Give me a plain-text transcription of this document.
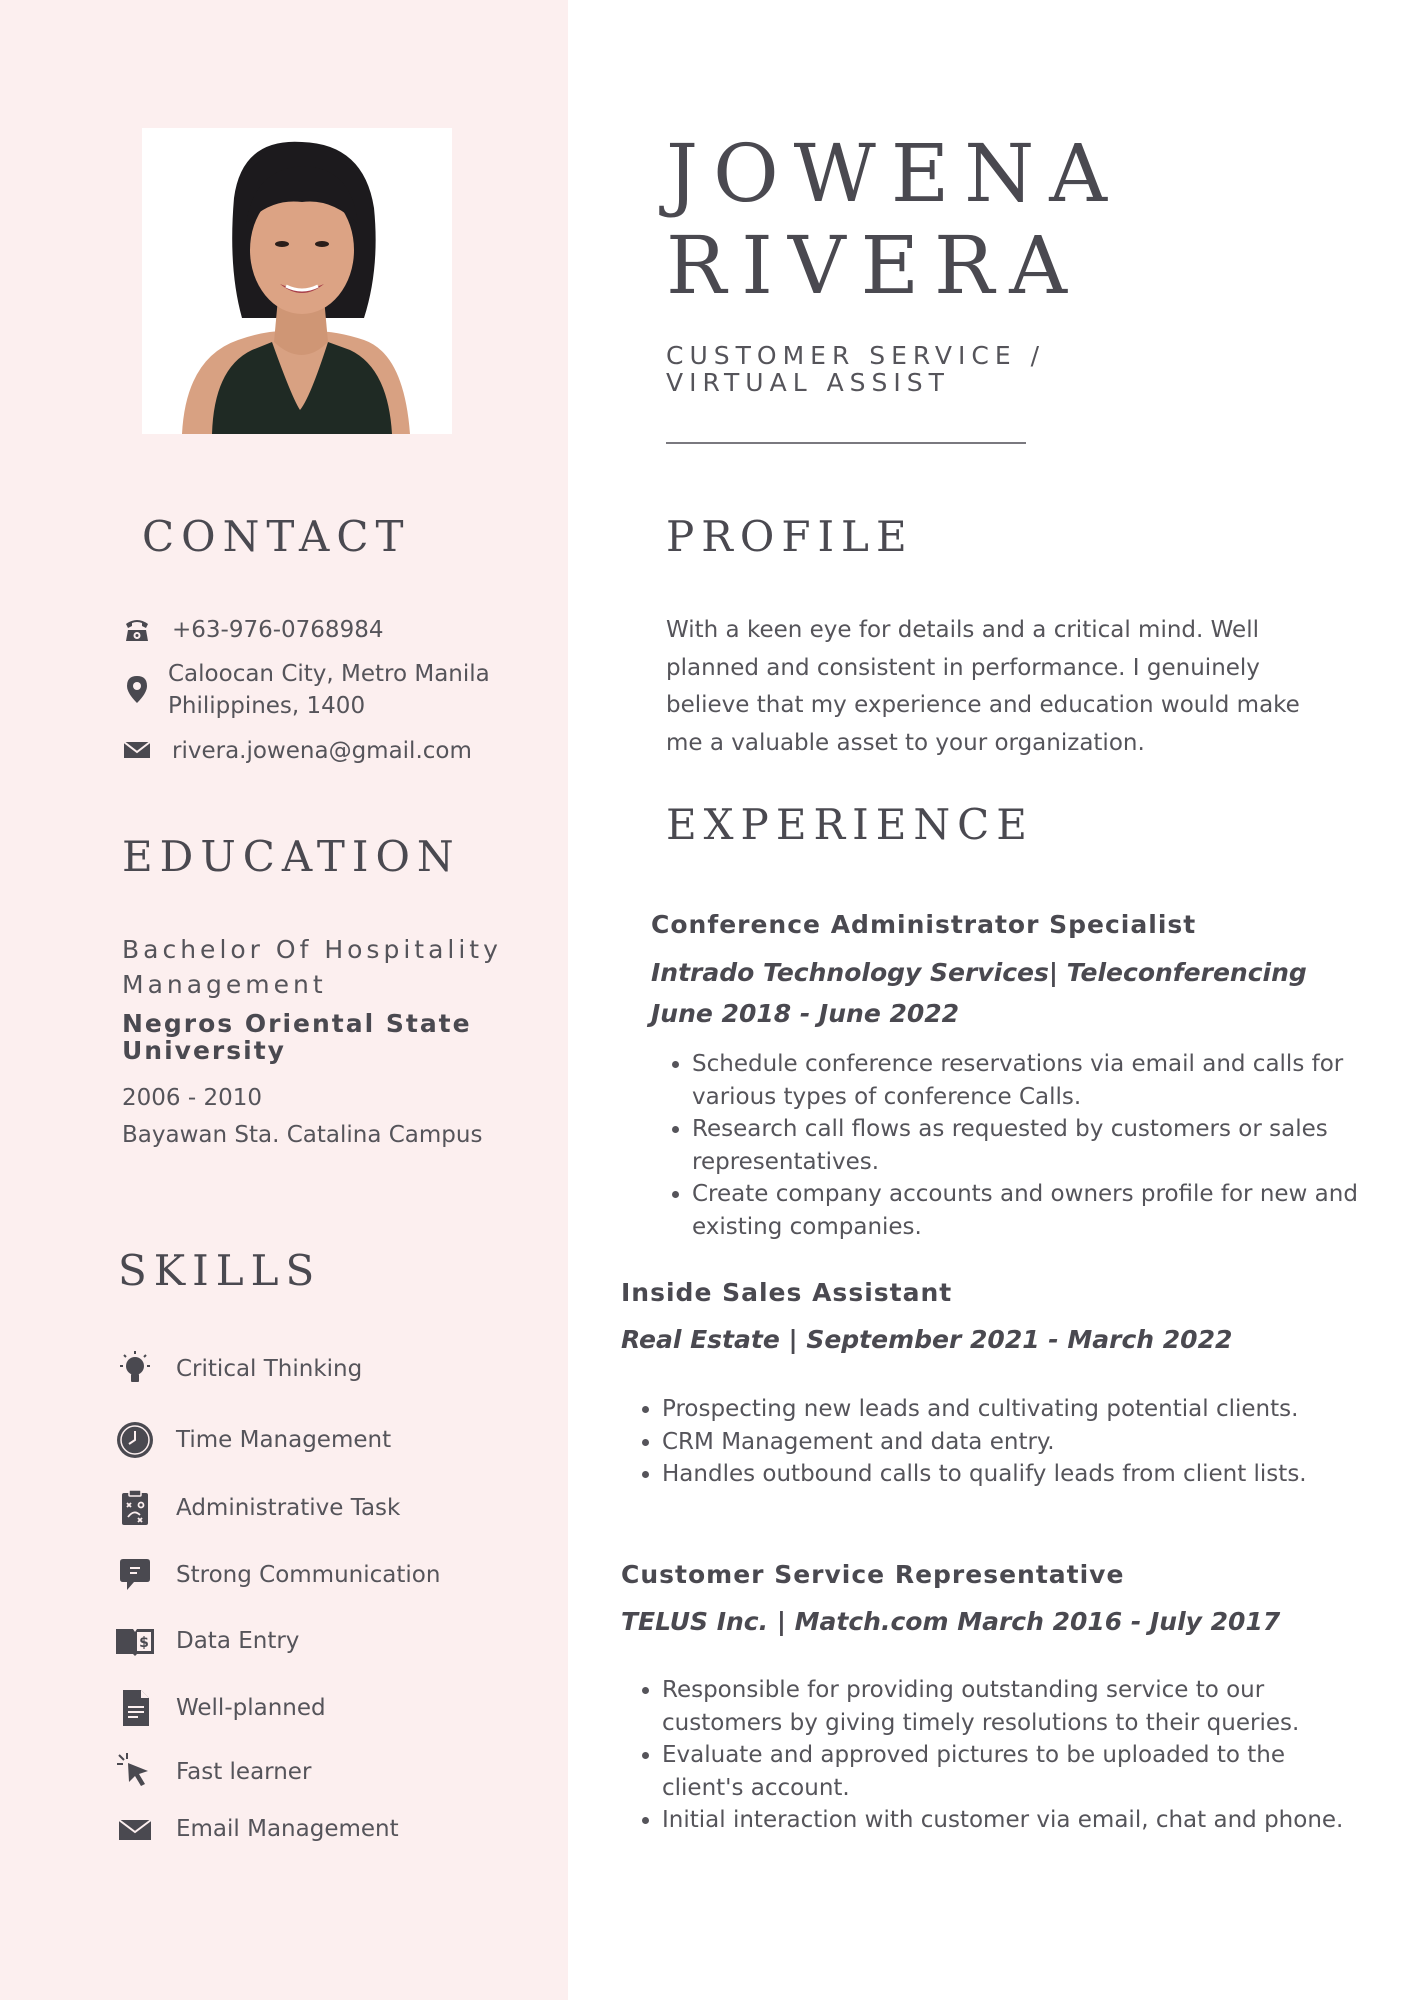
JOWENA
RIVERA
CUSTOMER SERVICE /
VIRTUAL ASSIST
CONTACT
+63-976-0768984
Caloocan City, Metro Manila
Philippines, 1400
rivera.jowena@gmail.com
EDUCATION
Bachelor Of Hospitality Management
Negros Oriental State University
2006 - 2010
Bayawan Sta. Catalina Campus
SKILLS
Critical Thinking
Time Management
Administrative Task
Strong Communication
$ Data Entry
Well-planned
Fast learner
Email Management
PROFILE

With a keen eye for details and a critical mind. Well planned and consistent in performance. I genuinely believe that my experience and education would make me a valuable asset to your organization.

EXPERIENCE
Conference Administrator Specialist
Intrado Technology Services| Teleconferencing
June 2018 - June 2022
• Schedule conference reservations via email and calls for various types of conference Calls.
• Research call flows as requested by customers or sales representatives.
• Create company accounts and owners profile for new and existing companies.
Inside Sales Assistant
Real Estate | September 2021 - March 2022
• Prospecting new leads and cultivating potential clients.
• CRM Management and data entry.
• Handles outbound calls to qualify leads from client lists.
Customer Service Representative
TELUS Inc. | Match.com March 2016 - July 2017
• Responsible for providing outstanding service to our customers by giving timely resolutions to their queries.
• Evaluate and approved pictures to be uploaded to the client's account.
• Initial interaction with customer via email, chat and phone.
